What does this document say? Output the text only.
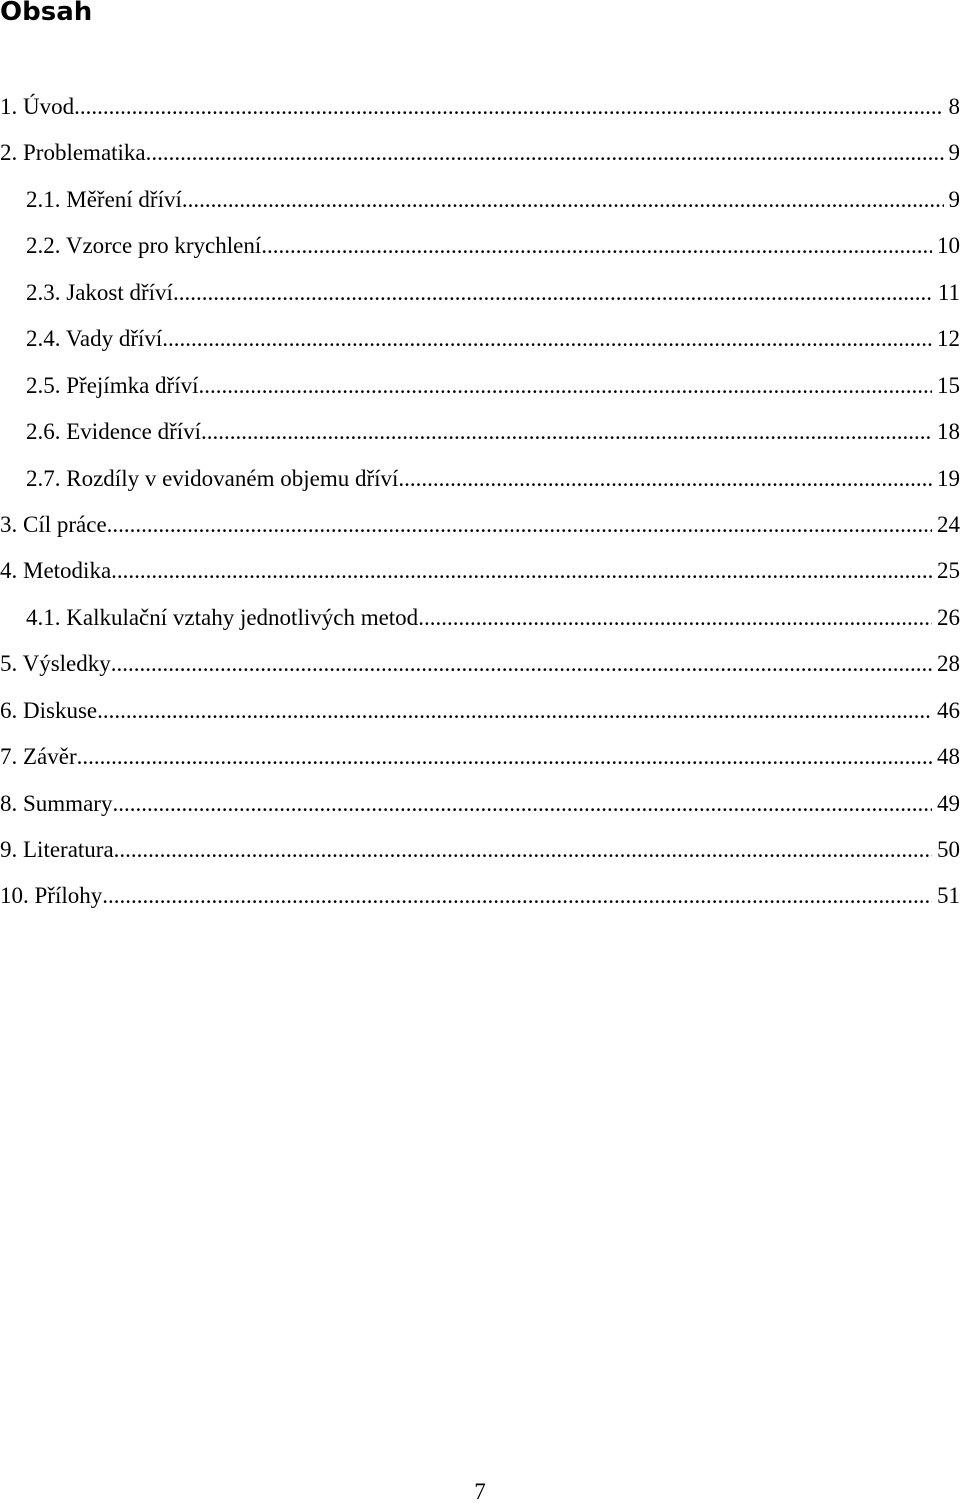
Obsah
1. Úvod .....	8
2. Problematika .....	9
2.1. Měření dříví .....	9
2.2. Vzorce pro krychlení .....	10
2.3. Jakost dříví .....	11
2.4. Vady dříví .....	12
2.5. Přejímka dříví .....	15
2.6. Evidence dříví .....	18
2.7. Rozdíly v evidovaném objemu dříví .....	19
3. Cíl práce .....	24
4. Metodika .....	25
4.1. Kalkulační vztahy jednotlivých metod .....	26
5. Výsledky .....	28
6. Diskuse .....	46
7. Závěr .....	48
8. Summary .....	49
9. Literatura .....	50
10. Přílohy .....	51
7
